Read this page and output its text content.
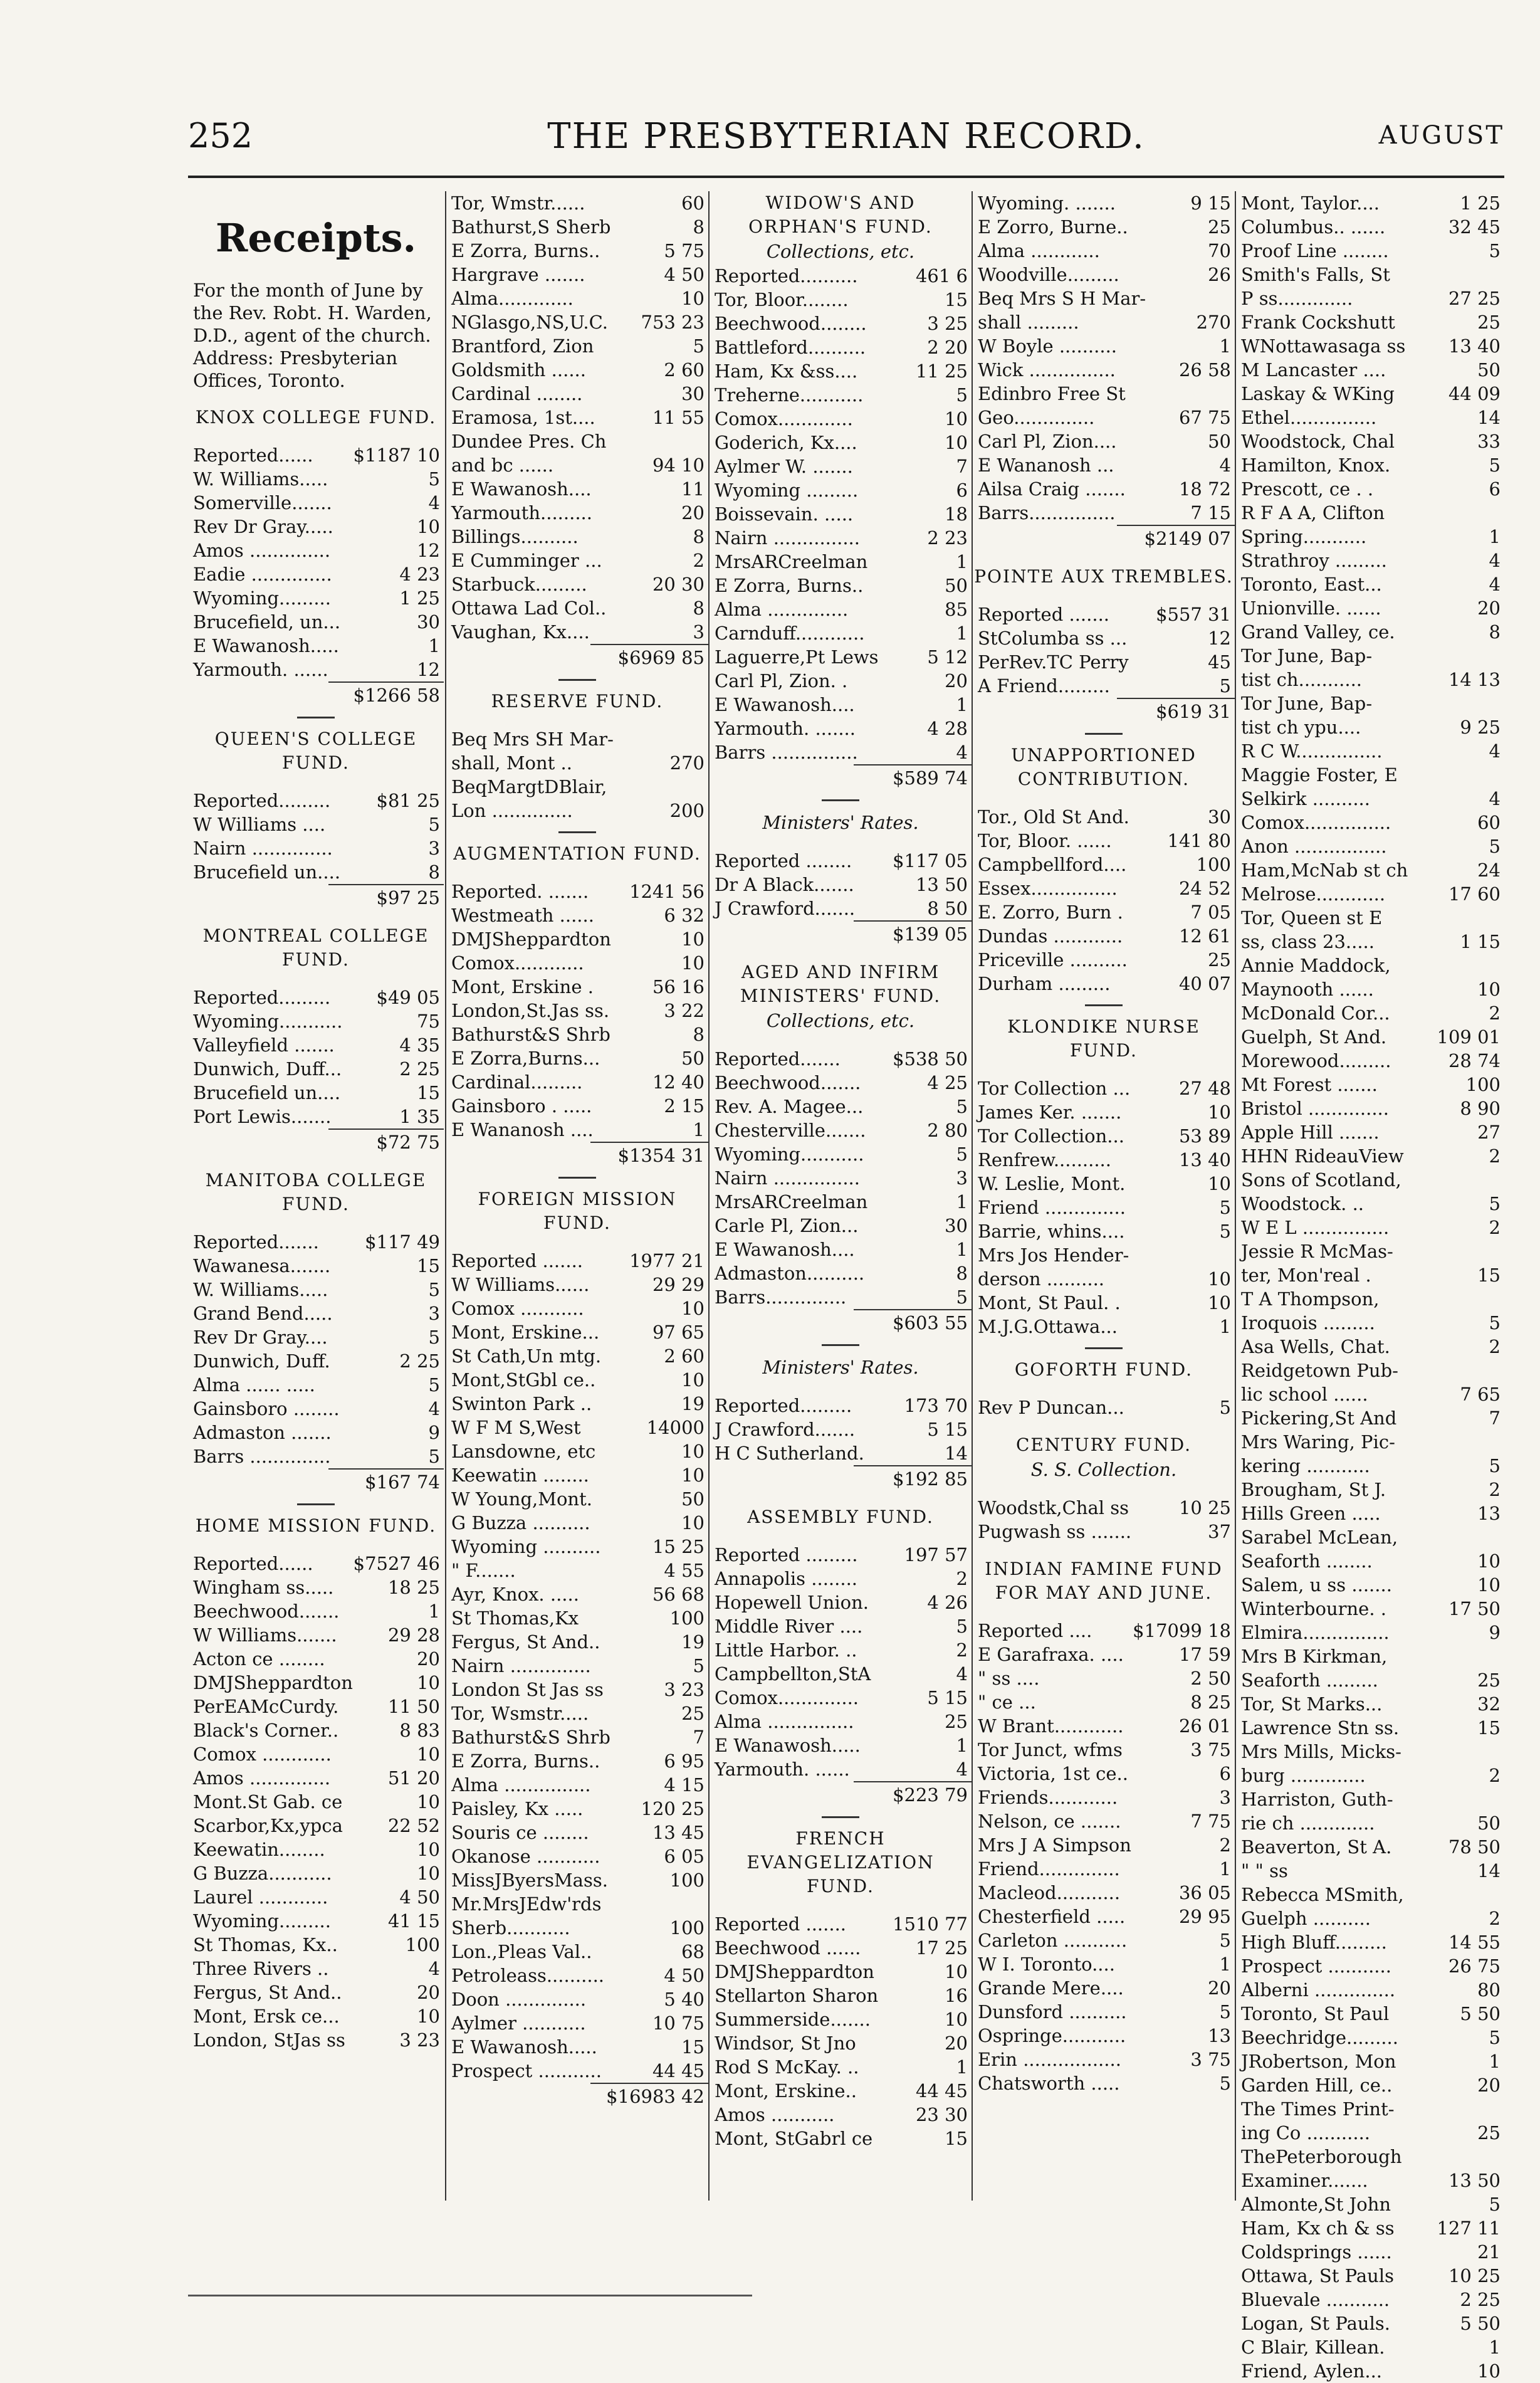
252	THE PRESBYTERIAN RECORD.	AUGUST
Receipts.
For the month of June by the Rev. Robt. H. Warden, D.D., agent of the church. Address: Presbyterian Offices, Toronto.
KNOX COLLEGE FUND.
Reported...... $1187 10
W. Williams.....	5
Somerville.......	4
Rev Dr Gray.....	10
Amos ..............	12
Eadie ..............	4 23
Wyoming.........	1 25
Brucefield, un...	30
E Wawanosh.....	1
Yarmouth. ......	12
$1266 58
QUEEN'S COLLEGE FUND.
Reported.........	$81 25
W Williams ....	5
Nairn ..............	3
Brucefield un....	8
$97 25
MONTREAL COLLEGE FUND.
Reported.........	$49 05
Wyoming...........	75
Valleyfield .......	4 35
Dunwich, Duff...	2 25
Brucefield un....	15
Port Lewis.......	1 35
$72 75
MANITOBA COLLEGE FUND.
Reported.......	$117 49
Wawanesa.......	15
W. Williams.....	5
Grand Bend.....	3
Rev Dr Gray....	5
Dunwich, Duff.	2 25
Alma ...... .....	5
Gainsboro ........	4
Admaston .......	9
Barrs ..............	5
$167 74
HOME MISSION FUND.
Reported...... $7527 46
Wingham ss.....	18 25
Beechwood.......	1
W Williams.......	29 28
Acton ce ........	20
DMJSheppardton	10
PerEAMcCurdy.	11 50
Black's Corner..	8 83
Comox ............	10
Amos ..............	51 20
Mont.St Gab. ce	10
Scarbor,Kx,ypca 22 52
Keewatin........	10
G Buzza...........	10
Laurel ............	4 50
Wyoming.........	41 15
St Thomas, Kx..	100
Three Rivers ..	4
Fergus, St And..	20
Mont, Ersk ce...	10
London, StJas ss	3 23
Tor, Wmstr......	60
Bathurst,S Sherb	8
E Zorra, Burns..	5 75
Hargrave .......	4 50
Alma.............	10
NGlasgo,NS,U.C. 753 23
Brantford, Zion	5
Goldsmith ......	2 60
Cardinal ........	30
Eramosa, 1st....	11 55
Dundee Pres. Ch
and bc ......	94 10
E Wawanosh....	11
Yarmouth.........	20
Billings..........	8
E Cumminger ...	2
Starbuck.........	20 30
Ottawa Lad Col..	8
Vaughan, Kx....	3
$6969 85
RESERVE FUND.
Beq Mrs SH Mar-
shall, Mont ..	270
BeqMargtDBlair,
Lon ..............	200
AUGMENTATION FUND.
Reported. ....... 1241 56
Westmeath ......	6 32
DMJSheppardton	10
Comox............	10
Mont, Erskine .	56 16
London,St.Jas ss.	3 22
Bathurst&S Shrb	8
E Zorra,Burns...	50
Cardinal.........	12 40
Gainsboro . .....	2 15
E Wananosh ....	1
$1354 31
FOREIGN MISSION FUND.
Reported .......	1977 21
W Williams......	29 29
Comox ...........	10
Mont, Erskine...	97 65
St Cath,Un mtg.	2 60
Mont,StGbl ce..	10
Swinton Park ..	19
W F M S,West	14000
Lansdowne, etc	10
Keewatin ........	10
W Young,Mont.	50
G Buzza ..........	10
Wyoming ..........	15 25
" F.......	4 55
Ayr, Knox. .....	56 68
St Thomas,Kx	100
Fergus, St And..	19
Nairn ..............	5
London St Jas ss	3 23
Tor, Wsmstr.....	25
Bathurst&S Shrb	7
E Zorra, Burns..	6 95
Alma ...............	4 15
Paisley, Kx .....	120 25
Souris ce ........	13 45
Okanose ...........	6 05
MissJByersMass.	100
Mr.MrsJEdw'rds
Sherb...........	100
Lon.,Pleas Val..	68
Petroleass..........	4 50
Doon ..............	5 40
Aylmer ...........	10 75
E Wawanosh.....	15
Prospect ...........	44 45
$16983 42
WIDOW'S AND ORPHAN'S FUND.
Collections, etc.
Reported..........	461 6
Tor, Bloor........	15
Beechwood........	3 25
Battleford..........	2 20
Ham, Kx &ss....	11 25
Treherne...........	5
Comox.............	10
Goderich, Kx....	10
Aylmer W. .......	7
Wyoming .........	6
Boissevain. .....	18
Nairn ...............	2 23
MrsARCreelman	1
E Zorra, Burns..	50
Alma ..............	85
Carnduff............	1
Laguerre,Pt Lews	5 12
Carl Pl, Zion. .	20
E Wawanosh....	1
Yarmouth. .......	4 28
Barrs ...............	4
$589 74
Ministers' Rates.
Reported ........ $117 05
Dr A Black.......	13 50
J Crawford.......	8 50
$139 05
AGED AND INFIRM MINISTERS' FUND.
Collections, etc.
Reported.......	$538 50
Beechwood.......	4 25
Rev. A. Magee...	5
Chesterville.......	2 80
Wyoming...........	5
Nairn ...............	3
MrsARCreelman	1
Carle Pl, Zion...	30
E Wawanosh....	1
Admaston..........	8
Barrs..............	5
$603 55
Ministers' Rates.
Reported.........	173 70
J Crawford.......	5 15
H C Sutherland.	14
$192 85
ASSEMBLY FUND.
Reported .........	197 57
Annapolis ........	2
Hopewell Union.	4 26
Middle River ....	5
Little Harbor. ..	2
Campbellton,StA	4
Comox..............	5 15
Alma ...............	25
E Wanawosh.....	1
Yarmouth. ......	4
$223 79
FRENCH EVANGELIZATION FUND.
Reported .......	1510 77
Beechwood ......	17 25
DMJSheppardton	10
Stellarton Sharon	16
Summerside.......	10
Windsor, St Jno	20
Rod S McKay. ..	1
Mont, Erskine..	44 45
Amos ...........	23 30
Mont, StGabrl ce	15
Wyoming. .......	9 15
E Zorro, Burne..	25
Alma ............	70
Woodville.........	26
Beq Mrs S H Mar-
shall .........	270
W Boyle ..........	1
Wick ...............	26 58
Edinbro Free St
Geo..............	67 75
Carl Pl, Zion....	50
E Wananosh ...	4
Ailsa Craig .......	18 72
Barrs...............	7 15
$2149 07
POINTE AUX TREMBLES.
Reported .......	$557 31
StColumba ss ...	12
PerRev.TC Perry	45
A Friend.........	5
$619 31
UNAPPORTIONED CONTRIBUTION.
Tor., Old St And.	30
Tor, Bloor. ......	141 80
Campbellford....	100
Essex...............	24 52
E. Zorro, Burn .	7 05
Dundas ............	12 61
Priceville ..........	25
Durham .........	40 07
KLONDIKE NURSE FUND.
Tor Collection ...	27 48
James Ker. .......	10
Tor Collection...	53 89
Renfrew..........	13 40
W. Leslie, Mont.	10
Friend ..............	5
Barrie, whins....	5
Mrs Jos Hender-
derson ..........	10
Mont, St Paul. .	10
M.J.G.Ottawa...	1
GOFORTH FUND.
Rev P Duncan...	5
CENTURY FUND.
S. S. Collection.
Woodstk,Chal ss	10 25
Pugwash ss .......	37
INDIAN FAMINE FUND FOR MAY AND JUNE.
Reported .... $17099 18
E Garafraxa. ....	17 59
" ss ....	2 50
" ce ...	8 25
W Brant............	26 01
Tor Junct, wfms	3 75
Victoria, 1st ce..	6
Friends............	3
Nelson, ce .......	7 75
Mrs J A Simpson	2
Friend..............	1
Macleod...........	36 05
Chesterfield .....	29 95
Carleton ...........	5
W I. Toronto....	1
Grande Mere....	20
Dunsford ..........	5
Ospringe...........	13
Erin .................	3 75
Chatsworth .....	5
Mont, Taylor....	1 25
Columbus.. ......	32 45
Proof Line ........	5
Smith's Falls, St
P ss.............	27 25
Frank Cockshutt	25
WNottawasaga ss 13 40
M Lancaster ....	50
Laskay & WKing	44 09
Ethel...............	14
Woodstock, Chal	33
Hamilton, Knox.	5
Prescott, ce . .	6
R F A A, Clifton
Spring...........	1
Strathroy .........	4
Toronto, East...	4
Unionville. ......	20
Grand Valley, ce.	8
Tor June, Bap-
tist ch...........	14 13
Tor June, Bap-
tist ch ypu....	9 25
R C W...............	4
Maggie Foster, E
Selkirk ..........	4
Comox...............	60
Anon ................	5
Ham,McNab st ch	24
Melrose............	17 60
Tor, Queen st E
ss, class 23.....	1 15
Annie Maddock,
Maynooth ......	10
McDonald Cor...	2
Guelph, St And.	109 01
Morewood.........	28 74
Mt Forest .......	100
Bristol ..............	8 90
Apple Hill .......	27
HHN RideauView	2
Sons of Scotland,
Woodstock. ..	5
W E L ...............	2
Jessie R McMas-
ter, Mon'real .	15
T A Thompson,
Iroquois .........	5
Asa Wells, Chat.	2
Reidgetown Pub-
lic school ......	7 65
Pickering,St And	7
Mrs Waring, Pic-
kering ...........	5
Brougham, St J.	2
Hills Green .....	13
Sarabel McLean,
Seaforth ........	10
Salem, u ss .......	10
Winterbourne. .	17 50
Elmira...............	9
Mrs B Kirkman,
Seaforth .........	25
Tor, St Marks...	32
Lawrence Stn ss.	15
Mrs Mills, Micks-
burg .............	2
Harriston, Guth-
rie ch .............	50
Beaverton, St A.	78 50
" " ss	14
Rebecca MSmith,
Guelph ..........	2
High Bluff.........	14 55
Prospect ...........	26 75
Alberni ..............	80
Toronto, St Paul	5 50
Beechridge.........	5
JRobertson, Mon	1
Garden Hill, ce..	20
The Times Print-
ing Co ...........	25
ThePeterborough
Examiner.......	13 50
Almonte,St John	5
Ham, Kx ch & ss 127 11
Coldsprings ......	21
Ottawa, St Pauls	10 25
Bluevale ...........	2 25
Logan, St Pauls.	5 50
C Blair, Killean.	1
Friend, Aylen...	10
